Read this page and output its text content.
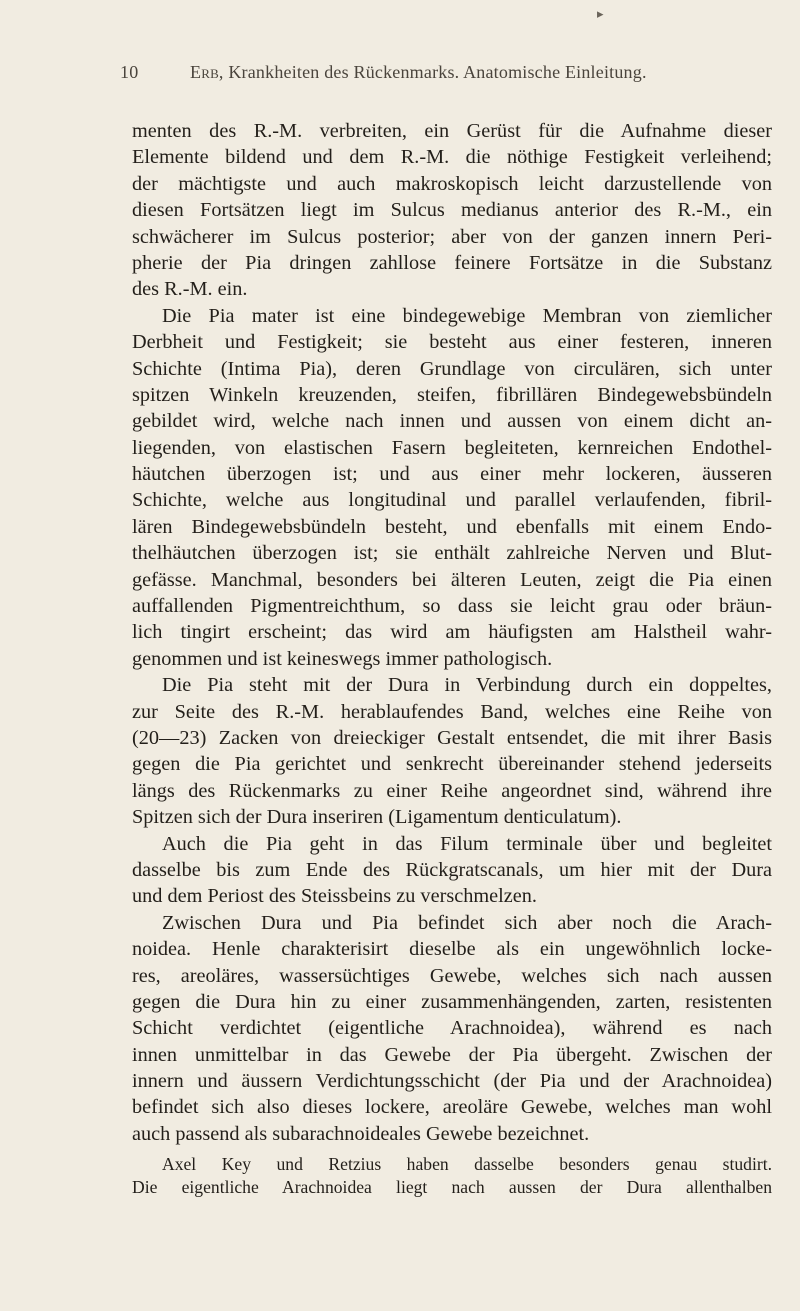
▸
10	Erb, Krankheiten des Rückenmarks. Anatomische Einleitung.
menten des R.-M. verbreiten, ein Gerüst für die Aufnahme dieser
Elemente bildend und dem R.-M. die nöthige Festigkeit verleihend;
der mächtigste und auch makroskopisch leicht darzustellende von
diesen Fortsätzen liegt im Sulcus medianus anterior des R.-M., ein
schwächerer im Sulcus posterior; aber von der ganzen innern Peri-
pherie der Pia dringen zahllose feinere Fortsätze in die Substanz
des R.-M. ein.
Die Pia mater ist eine bindegewebige Membran von ziemlicher
Derbheit und Festigkeit; sie besteht aus einer festeren, inneren
Schichte (Intima Pia), deren Grundlage von circulären, sich unter
spitzen Winkeln kreuzenden, steifen, fibrillären Bindegewebsbündeln
gebildet wird, welche nach innen und aussen von einem dicht an-
liegenden, von elastischen Fasern begleiteten, kernreichen Endothel-
häutchen überzogen ist; und aus einer mehr lockeren, äusseren
Schichte, welche aus longitudinal und parallel verlaufenden, fibril-
lären Bindegewebsbündeln besteht, und ebenfalls mit einem Endo-
thelhäutchen überzogen ist; sie enthält zahlreiche Nerven und Blut-
gefässe. Manchmal, besonders bei älteren Leuten, zeigt die Pia einen
auffallenden Pigmentreichthum, so dass sie leicht grau oder bräun-
lich tingirt erscheint; das wird am häufigsten am Halstheil wahr-
genommen und ist keineswegs immer pathologisch.
Die Pia steht mit der Dura in Verbindung durch ein doppeltes,
zur Seite des R.-M. herablaufendes Band, welches eine Reihe von
(20—23) Zacken von dreieckiger Gestalt entsendet, die mit ihrer Basis
gegen die Pia gerichtet und senkrecht übereinander stehend jederseits
längs des Rückenmarks zu einer Reihe angeordnet sind, während ihre
Spitzen sich der Dura inseriren (Ligamentum denticulatum).
Auch die Pia geht in das Filum terminale über und begleitet
dasselbe bis zum Ende des Rückgratscanals, um hier mit der Dura
und dem Periost des Steissbeins zu verschmelzen.
Zwischen Dura und Pia befindet sich aber noch die Arach-
noidea. Henle charakterisirt dieselbe als ein ungewöhnlich locke-
res, areoläres, wassersüchtiges Gewebe, welches sich nach aussen
gegen die Dura hin zu einer zusammenhängenden, zarten, resistenten
Schicht verdichtet (eigentliche Arachnoidea), während es nach
innen unmittelbar in das Gewebe der Pia übergeht. Zwischen der
innern und äussern Verdichtungsschicht (der Pia und der Arachnoidea)
befindet sich also dieses lockere, areoläre Gewebe, welches man wohl
auch passend als subarachnoideales Gewebe bezeichnet.
Axel Key und Retzius haben dasselbe besonders genau studirt.
Die eigentliche Arachnoidea liegt nach aussen der Dura allenthalben
